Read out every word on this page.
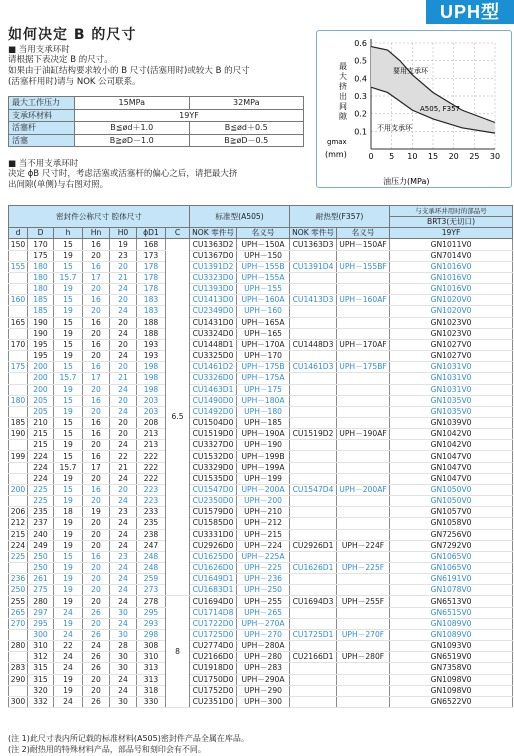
UPH型
如何决定 B 的尺寸
■ 当用支承环时
请根据下表决定 B 的尺寸。
如果由于油缸结构要求较小的 B 尺寸(活塞用时)或较大 B 的尺寸
(活塞杆用时)请与 NOK 公司联系。
最大工作压力	15MPa	32MPa
支承环材料	19YF	
活塞杆	B≦ød＋1.0	B≦ød＋0.5
活塞	B≧øD－1.0	B≧øD－0.5
■ 当不用支承环时
决定 ϕB 尺寸时，考虑活塞或活塞杆的偏心之后，请把最大挤
出间隙(单侧)与右图对照。
0.1
0.2
0.3
0.4
0.5
0.6
0 5 10 15 20 25 30
要用支承环
不用支承环
A505, F357
油压力(MPa)
gmax
(mm)
最
大
挤
出
间
隙
密封件公称尺寸 腔体尺寸							标准型(A505)		耐热型(F357)		与支承环并用时的部品号
											BRT3(无切口)
d	D	h	Hn	H0	ϕD1	C	NOK 零件号	名义号	NOK 零件号	名义号	19YF
150	170	15	16	19	168	6.5	CU1363D2	UPH－150A	CU1363D3	UPH－150AF	GN1011V0
	175	19	20	23	173		CU1367D0	UPH－150			GN7014V0
155	180	15	16	20	178		CU1391D2	UPH－155B	CU1391D4	UPH－155BF	GN1016V0
	180	15.7	17	21	178		CU3323D0	UPH－155A			GN1016V0
	180	19	20	24	178		CU1393D0	UPH－155			GN1016V0
160	185	15	16	20	183		CU1413D0	UPH－160A	CU1413D3	UPH－160AF	GN1020V0
	185	19	20	24	183		CU2349D0	UPH－160			GN1020V0
165	190	15	16	20	188		CU1431D0	UPH－165A			GN1023V0
	190	19	20	24	188		CU3324D0	UPH－165			GN1023V0
170	195	15	16	20	193		CU1448D1	UPH－170A	CU1448D3	UPH－170AF	GN1027V0
	195	19	20	24	193		CU3325D0	UPH－170			GN1027V0
175	200	15	16	20	198		CU1461D2	UPH－175B	CU1461D3	UPH－175BF	GN1031V0
	200	15.7	17	21	198		CU3326D0	UPH－175A			GN1031V0
	200	19	20	24	198		CU1463D1	UPH－175			GN1031V0
180	205	15	16	20	203		CU1490D0	UPH－180A			GN1035V0
	205	19	20	24	203		CU1492D0	UPH－180			GN1035V0
185	210	15	16	20	208		CU1504D0	UPH－185			GN1039V0
190	215	15	16	20	213		CU1519D0	UPH－190A	CU1519D2	UPH－190AF	GN1042V0
	215	19	20	24	213		CU3327D0	UPH－190			GN1042V0
199	224	15	16	22	222		CU1532D0	UPH－199B			GN1047V0
	224	15.7	17	21	222		CU3329D0	UPH－199A			GN1047V0
	224	19	20	24	222		CU1535D0	UPH－199			GN1047V0
200	225	15	16	20	223		CU1547D0	UPH－200A	CU1547D4	UPH－200AF	GN1050V0
	225	19	20	24	223		CU2350D0	UPH－200			GN1050V0
206	235	18	19	23	233		CU1579D0	UPH－210			GN1057V0
212	237	19	20	24	235		CU1585D0	UPH－212			GN1058V0
215	240	19	20	24	238		CU3331D0	UPH－215			GN7256V0
224	249	19	20	24	247		CU2926D0	UPH－224	CU2926D1	UPH－224F	GN7292V0
225	250	15	16	23	248		CU1625D0	UPH－225A			GN1065V0
	250	19	20	24	248		CU1626D0	UPH－225	CU1626D1	UPH－225F	GN1065V0
236	261	19	20	24	259		CU1649D1	UPH－236			GN6191V0
250	275	19	20	24	273		CU1683D1	UPH－250			GN1078V0
255	280	19	20	24	278	8	CU1694D0	UPH－255	CU1694D3	UPH－255F	GN6513V0
265	297	24	26	30	295		CU1714D8	UPH－265			GN6515V0
270	295	19	20	24	293		CU1722D0	UPH－270A			GN1089V0
	300	24	26	30	298		CU1725D0	UPH－270	CU1725D1	UPH－270F	GN1089V0
280	310	22	24	28	308		CU2774D0	UPH－280A			GN1093V0
	312	24	26	30	310		CU2166D0	UPH－280	CU2166D1	UPH－280F	GN6519V0
283	315	24	26	30	313		CU1918D0	UPH－283			GN7358V0
290	315	19	20	24	313		CU1750D0	UPH－290A			GN1098V0
	320	19	20	24	318		CU1752D0	UPH－290			GN1098V0
300	332	24	26	30	330		CU2351D0	UPH－300			GN6522V0
(注 1)此尺寸表内所记载的标准材料(A505)密封件产品全属在库品。
(注 2)耐热用的特殊材料产品，部品号和刻印会有不同。
